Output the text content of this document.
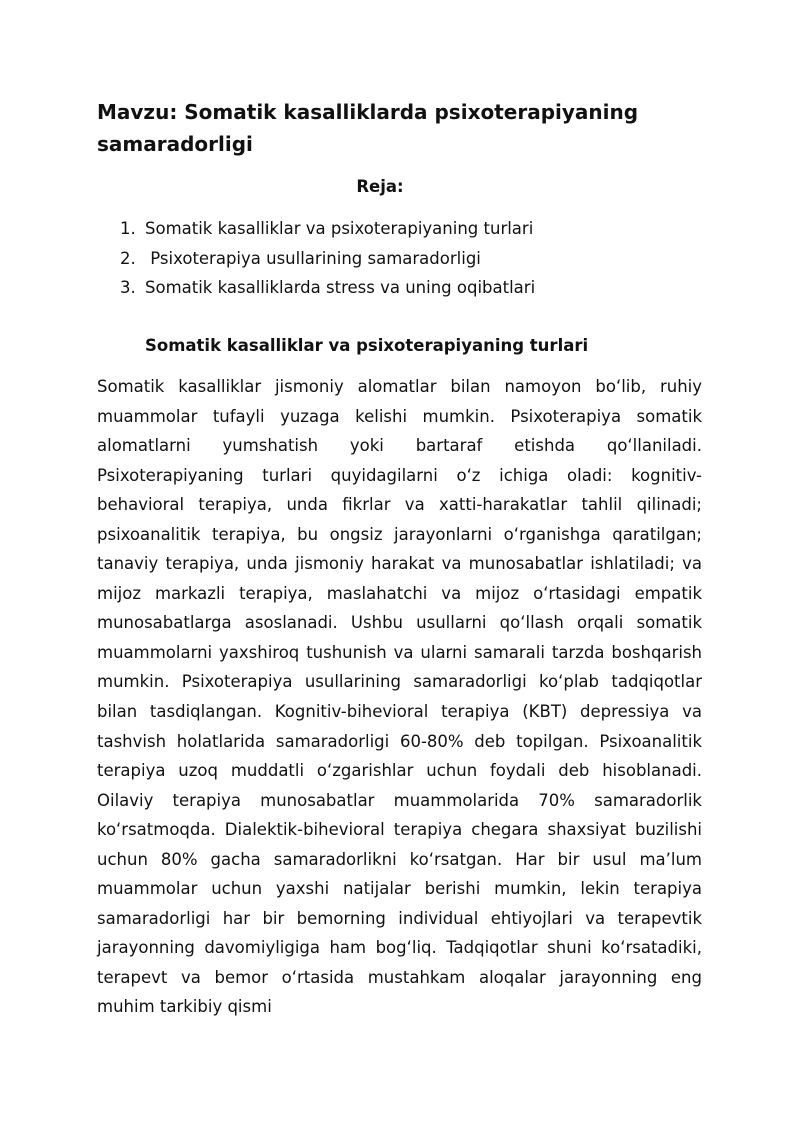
Mavzu: Somatik kasalliklarda psixoterapiyaning samaradorligi
Reja:
1. Somatik kasalliklar va psixoterapiyaning turlari
2. Psixoterapiya usullarining samaradorligi
3. Somatik kasalliklarda stress va uning oqibatlari
Somatik kasalliklar va psixoterapiyaning turlari

Somatik kasalliklar jismoniy alomatlar bilan namoyon boʻlib, ruhiy muammolar tufayli yuzaga kelishi mumkin. Psixoterapiya somatik alomatlarni yumshatish yoki bartaraf etishda qoʻllaniladi. Psixoterapiyaning turlari quyidagilarni oʻz ichiga oladi: kognitiv-behavioral terapiya, unda fikrlar va xatti-harakatlar tahlil qilinadi; psixoanalitik terapiya, bu ongsiz jarayonlarni oʻrganishga qaratilgan; tanaviy terapiya, unda jismoniy harakat va munosabatlar ishlatiladi; va mijoz markazli terapiya, maslahatchi va mijoz oʻrtasidagi empatik munosabatlarga asoslanadi. Ushbu usullarni qoʻllash orqali somatik muammolarni yaxshiroq tushunish va ularni samarali tarzda boshqarish mumkin. Psixoterapiya usullarining samaradorligi koʻplab tadqiqotlar bilan tasdiqlangan. Kognitiv-bihevioral terapiya (KBT) depressiya va tashvish holatlarida samaradorligi 60-80% deb topilgan. Psixoanalitik terapiya uzoq muddatli oʻzgarishlar uchun foydali deb hisoblanadi. Oilaviy terapiya munosabatlar muammolarida 70% samaradorlik koʻrsatmoqda. Dialektik-bihevioral terapiya chegara shaxsiyat buzilishi uchun 80% gacha samaradorlikni koʻrsatgan. Har bir usul maʼlum muammolar uchun yaxshi natijalar berishi mumkin, lekin terapiya samaradorligi har bir bemorning individual ehtiyojlari va terapevtik jarayonning davomiyligiga ham bogʻliq. Tadqiqotlar shuni koʻrsatadiki, terapevt va bemor oʻrtasida mustahkam aloqalar jarayonning eng muhim tarkibiy qismi
